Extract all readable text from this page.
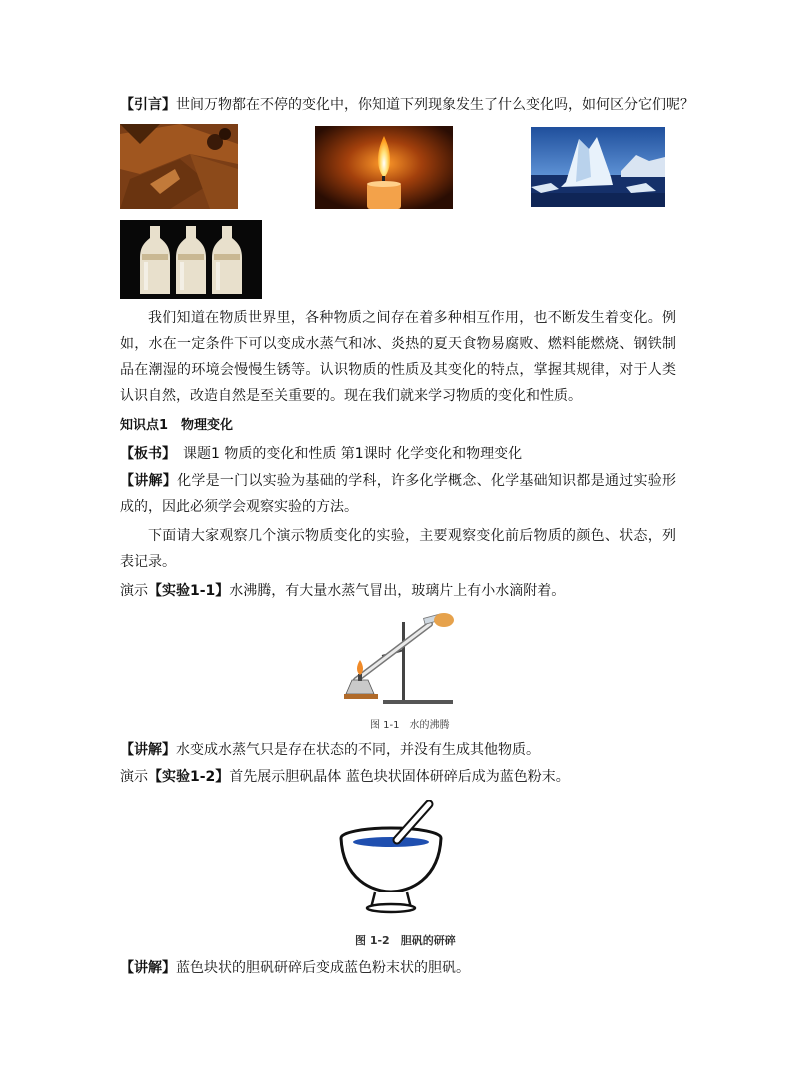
【引言】世间万物都在不停的变化中，你知道下列现象发生了什么变化吗，如何区分它们呢？
我们知道在物质世界里，各种物质之间存在着多种相互作用，也不断发生着变化。例如，水在一定条件下可以变成水蒸气和冰、炎热的夏天食物易腐败、燃料能燃烧、钢铁制品在潮湿的环境会慢慢生锈等。认识物质的性质及其变化的特点，掌握其规律，对于人类认识自然，改造自然是至关重要的。现在我们就来学习物质的变化和性质。
知识点1　物理变化
【板书】　课题1 物质的变化和性质 第1课时 化学变化和物理变化
【讲解】化学是一门以实验为基础的学科，许多化学概念、化学基础知识都是通过实验形成的，因此必须学会观察实验的方法。
下面请大家观察几个演示物质变化的实验，主要观察变化前后物质的颜色、状态，列表记录。
演示【实验1-1】水沸腾，有大量水蒸气冒出，玻璃片上有小水滴附着。
图 1-1　水的沸腾
【讲解】水变成水蒸气只是存在状态的不同，并没有生成其他物质。
演示【实验1-2】首先展示胆矾晶体 蓝色块状固体研碎后成为蓝色粉末。
图 1-2　胆矾的研碎
【讲解】蓝色块状的胆矾研碎后变成蓝色粉末状的胆矾。
